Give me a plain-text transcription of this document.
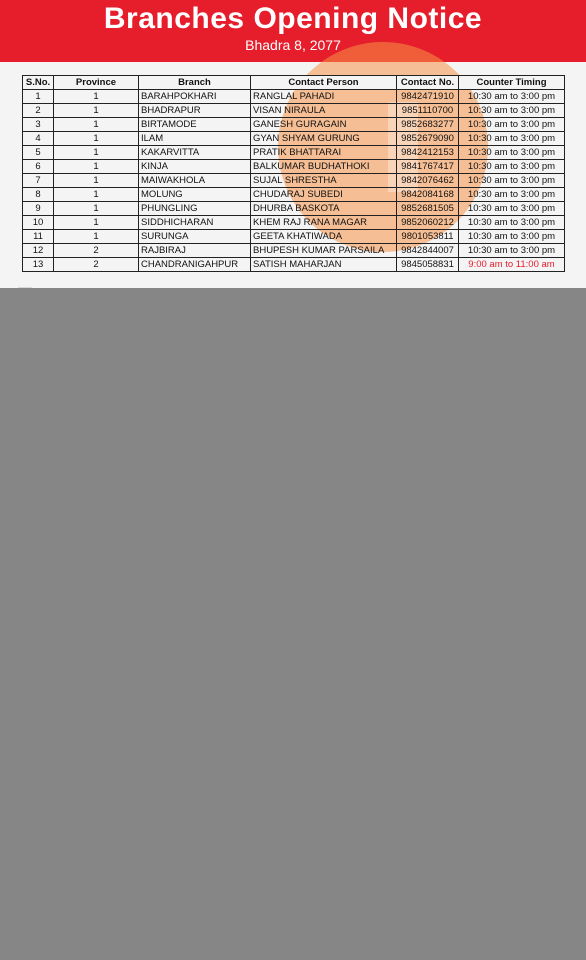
Branches Opening Notice
Bhadra 8, 2077
S.No.	Province	Branch	Contact Person	Contact No.	Counter Timing
1	1	BARAHPOKHARI	RANGLAL PAHADI	9842471910	10:30 am to 3:00 pm
2	1	BHADRAPUR	VISAN NIRAULA	9851110700	10:30 am to 3:00 pm
3	1	BIRTAMODE	GANESH GURAGAIN	9852683277	10:30 am to 3:00 pm
4	1	ILAM	GYAN SHYAM GURUNG	9852679090	10:30 am to 3:00 pm
5	1	KAKARVITTA	PRATIK BHATTARAI	9842412153	10:30 am to 3:00 pm
6	1	KINJA	BALKUMAR BUDHATHOKI	9841767417	10:30 am to 3:00 pm
7	1	MAIWAKHOLA	SUJAL SHRESTHA	9842076462	10:30 am to 3:00 pm
8	1	MOLUNG	CHUDARAJ SUBEDI	9842084168	10:30 am to 3:00 pm
9	1	PHUNGLING	DHURBA BASKOTA	9852681505	10:30 am to 3:00 pm
10	1	SIDDHICHARAN	KHEM RAJ RANA MAGAR	9852060212	10:30 am to 3:00 pm
11	1	SURUNGA	GEETA KHATIWADA	9801053811	10:30 am to 3:00 pm
12	2	RAJBIRAJ	BHUPESH KUMAR PARSAILA	9842844007	10:30 am to 3:00 pm
13	2	CHANDRANIGAHPUR	SATISH MAHARJAN	9845058831	9:00 am to 11:00 am
